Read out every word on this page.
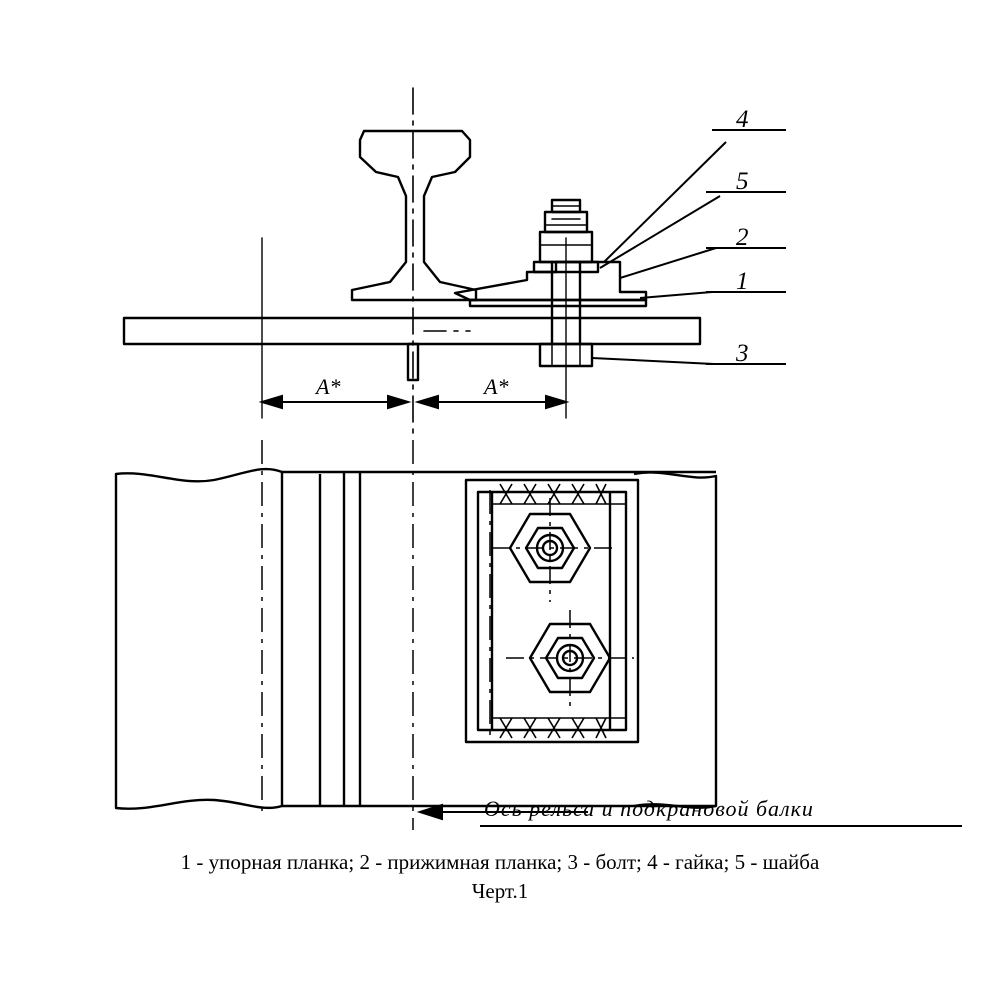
4
5
2
1
3
A*	A*
Ось рельса и подкрановой балки
1 - упорная планка; 2 - прижимная планка; 3 - болт; 4 - гайка; 5 - шайба
Черт.1
